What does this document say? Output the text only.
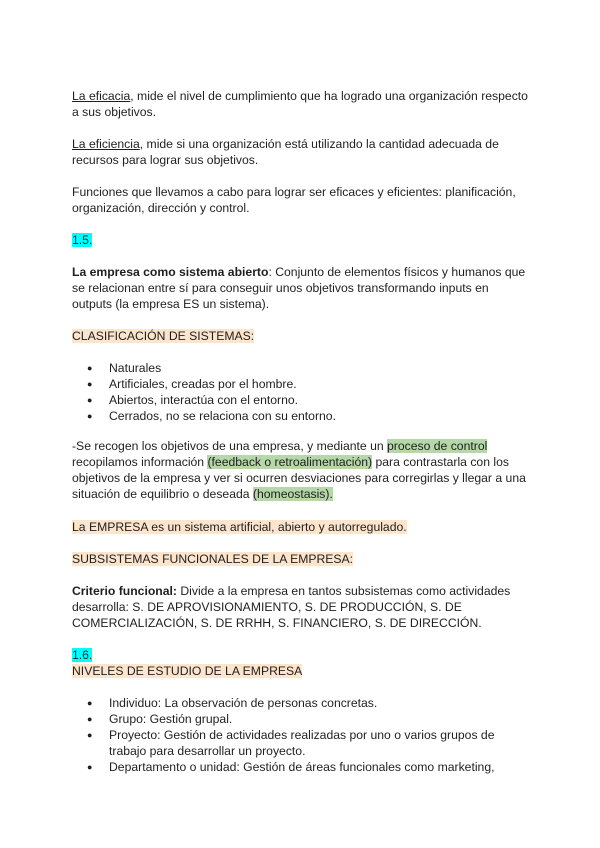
La eficacia, mide el nivel de cumplimiento que ha logrado una organización respecto a sus objetivos.

La eficiencia, mide si una organización está utilizando la cantidad adecuada de recursos para lograr sus objetivos.

Funciones que llevamos a cabo para lograr ser eficaces y eficientes: planificación, organización, dirección y control.

1.5.

La empresa como sistema abierto: Conjunto de elementos físicos y humanos que se relacionan entre sí para conseguir unos objetivos transformando inputs en outputs (la empresa ES un sistema).

CLASIFICACIÓN DE SISTEMAS:

● Naturales
● Artificiales, creadas por el hombre.
● Abiertos, interactúa con el entorno.
● Cerrados, no se relaciona con su entorno.

-Se recogen los objetivos de una empresa, y mediante un proceso de control recopilamos información (feedback o retroalimentación) para contrastarla con los objetivos de la empresa y ver si ocurren desviaciones para corregirlas y llegar a una situación de equilibrio o deseada (homeostasis).

La EMPRESA es un sistema artificial, abierto y autorregulado.

SUBSISTEMAS FUNCIONALES DE LA EMPRESA:

Criterio funcional: Divide a la empresa en tantos subsistemas como actividades desarrolla: S. DE APROVISIONAMIENTO, S. DE PRODUCCIÓN, S. DE COMERCIALIZACIÓN, S. DE RRHH, S. FINANCIERO, S. DE DIRECCIÓN.

1.6.

NIVELES DE ESTUDIO DE LA EMPRESA

● Individuo: La observación de personas concretas.
● Grupo: Gestión grupal.
● Proyecto: Gestión de actividades realizadas por uno o varios grupos de trabajo para desarrollar un proyecto.
● Departamento o unidad: Gestión de áreas funcionales como marketing,
